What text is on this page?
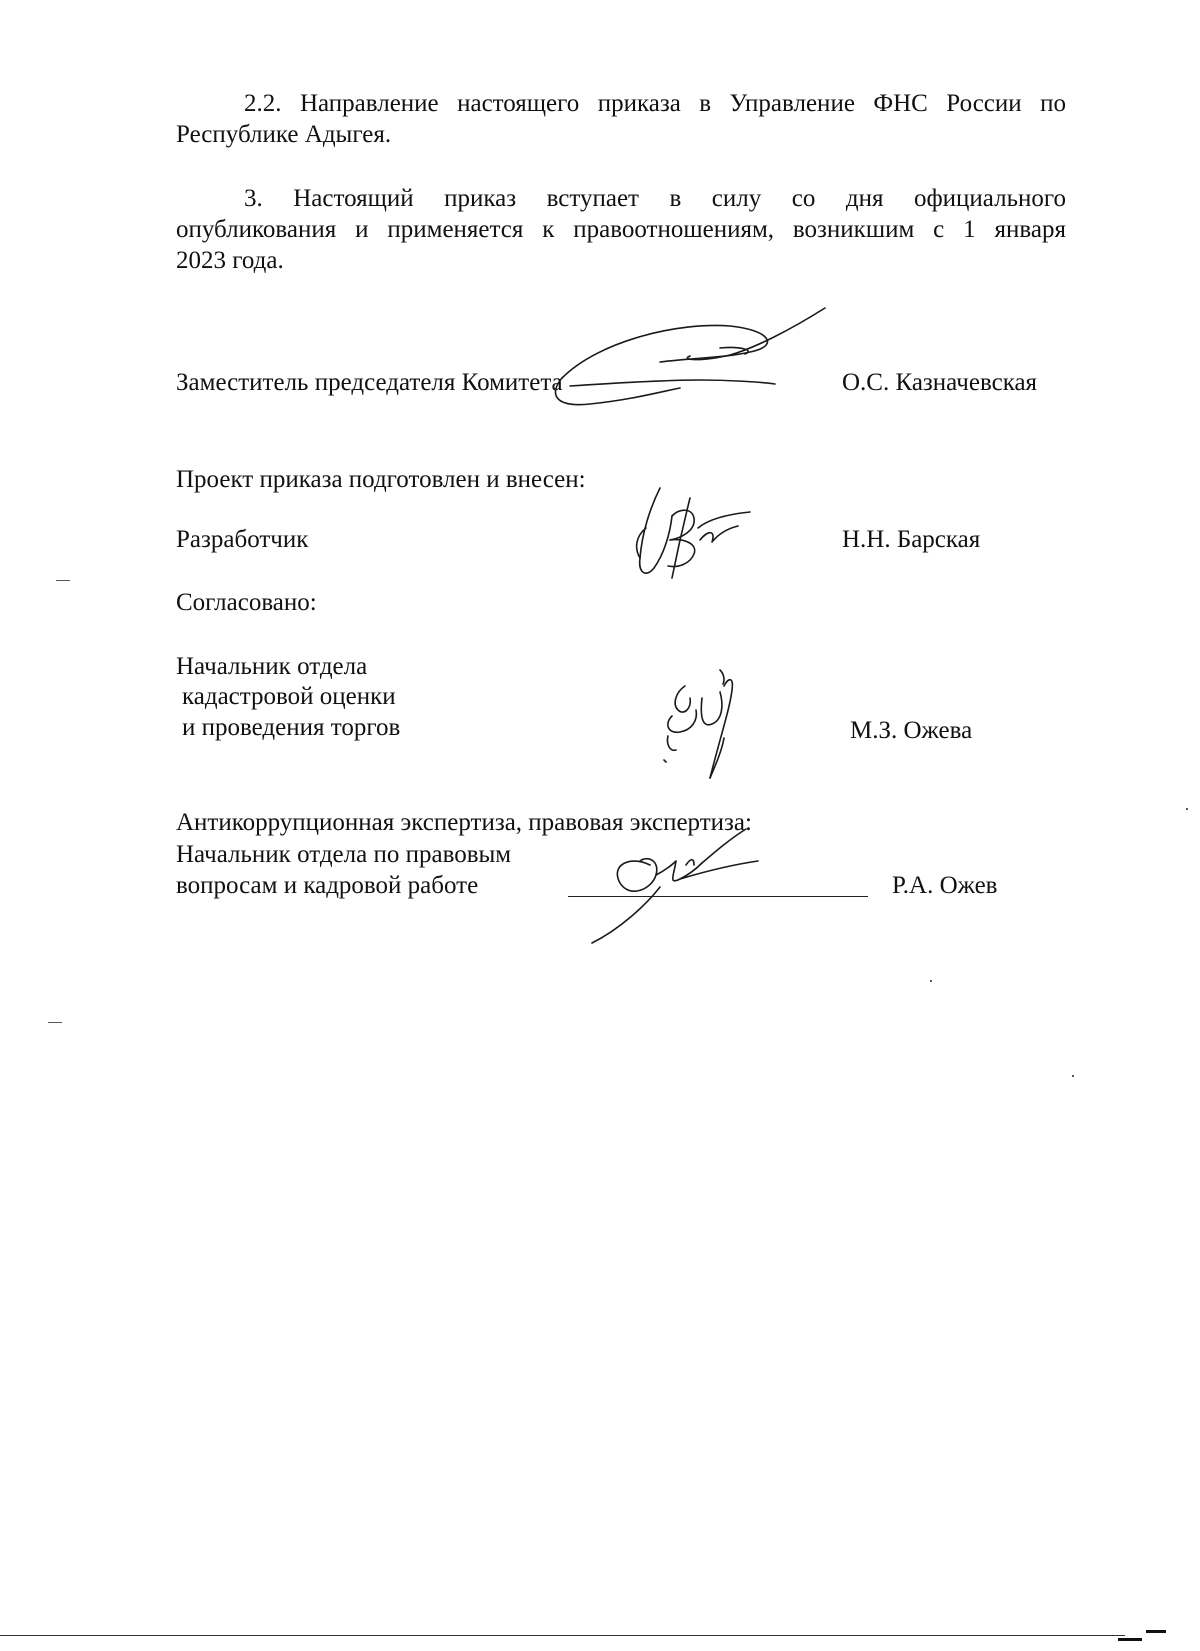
2.2. Направление настоящего приказа в Управление ФНС России по
Республике Адыгея.
3. Настоящий приказ вступает в силу со дня официального
опубликования и применяется к правоотношениям, возникшим с 1 января
2023 года.

Заместитель председателя Комитета	О.С. Казначевская

Проект приказа подготовлен и внесен:

Разработчик	Н.Н. Барская

Согласовано:

Начальник отдела

кадастровой оценки

и проведения торгов	М.З. Ожева

Антикоррупционная экспертиза, правовая экспертиза:

Начальник отдела по правовым

вопросам и кадровой работе	Р.А. Ожев
